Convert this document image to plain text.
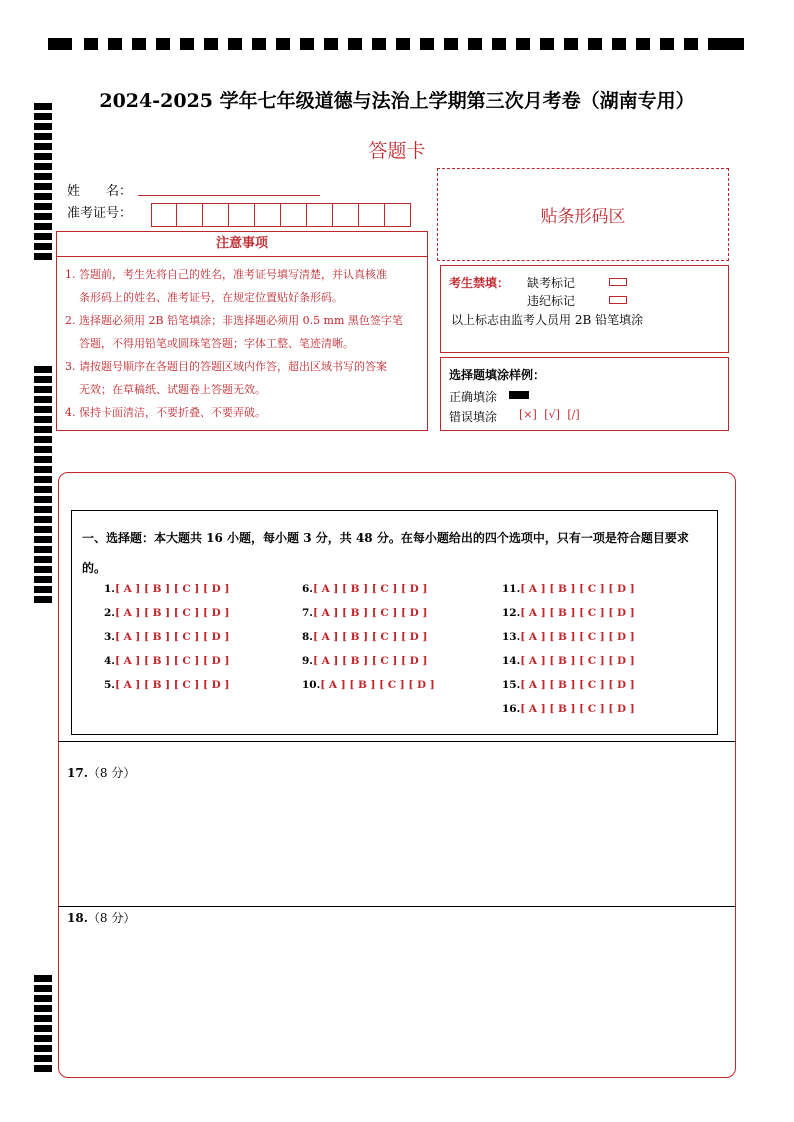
2024-2025 学年七年级道德与法治上学期第三次月考卷（湖南专用）
答题卡
姓　　名：
准考证号：	贴条形码区
注意事项
1. 答题前，考生先将自己的姓名，准考证号填写清楚，并认真核准
条形码上的姓名、准考证号，在规定位置贴好条形码。
2. 选择题必须用 2B 铅笔填涂；非选择题必须用 0.5 mm 黑色签字笔
答题，不得用铅笔或圆珠笔答题；字体工整、笔迹清晰。
3. 请按题号顺序在各题目的答题区域内作答，超出区域书写的答案
无效；在草稿纸、试题卷上答题无效。
4. 保持卡面清洁，不要折叠、不要弄破。
考生禁填： 缺考标记
违纪标记
以上标志由监考人员用 2B 铅笔填涂
选择题填涂样例：
正确填涂
错误填涂 [×] [√] [/]
一、选择题：本大题共 16 小题，每小题 3 分，共 48 分。在每小题给出的四个选项中，只有一项是符合题目要求的。
1.[ A ] [ B ] [ C ] [ D ]
2.[ A ] [ B ] [ C ] [ D ]
3.[ A ] [ B ] [ C ] [ D ]
4.[ A ] [ B ] [ C ] [ D ]
5.[ A ] [ B ] [ C ] [ D ]
6.[ A ] [ B ] [ C ] [ D ]
7.[ A ] [ B ] [ C ] [ D ]
8.[ A ] [ B ] [ C ] [ D ]
9.[ A ] [ B ] [ C ] [ D ]
10.[ A ] [ B ] [ C ] [ D ]
11.[ A ] [ B ] [ C ] [ D ]
12.[ A ] [ B ] [ C ] [ D ]
13.[ A ] [ B ] [ C ] [ D ]
14.[ A ] [ B ] [ C ] [ D ]
15.[ A ] [ B ] [ C ] [ D ]
16.[ A ] [ B ] [ C ] [ D ]
17.（8 分）
18.（8 分）
